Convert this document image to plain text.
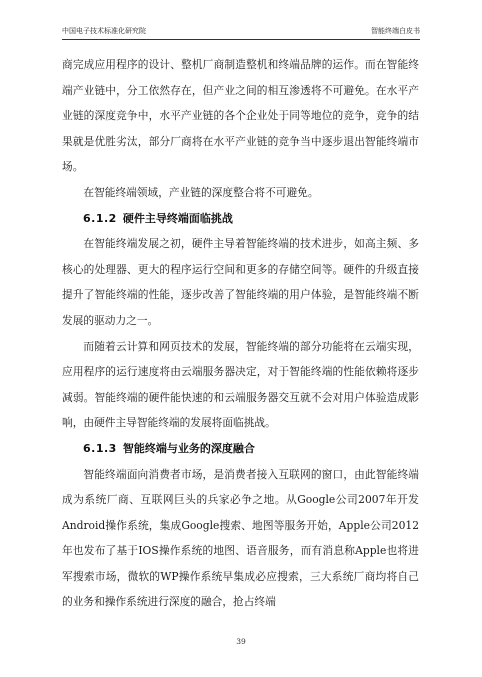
中国电子技术标准化研究院	智能终端白皮书

商完成应用程序的设计、整机厂商制造整机和终端品牌的运作。而在智能终端产业链中，分工依然存在，但产业之间的相互渗透将不可避免。在水平产业链的深度竞争中，水平产业链的各个企业处于同等地位的竞争，竞争的结果就是优胜劣汰，部分厂商将在水平产业链的竞争当中逐步退出智能终端市场。

在智能终端领域，产业链的深度整合将不可避免。

6.1.2 硬件主导终端面临挑战

在智能终端发展之初，硬件主导着智能终端的技术进步，如高主频、多核心的处理器、更大的程序运行空间和更多的存储空间等。硬件的升级直接提升了智能终端的性能，逐步改善了智能终端的用户体验，是智能终端不断发展的驱动力之一。

而随着云计算和网页技术的发展，智能终端的部分功能将在云端实现，应用程序的运行速度将由云端服务器决定，对于智能终端的性能依赖将逐步减弱。智能终端的硬件能快速的和云端服务器交互就不会对用户体验造成影响，由硬件主导智能终端的发展将面临挑战。

6.1.3 智能终端与业务的深度融合

智能终端面向消费者市场，是消费者接入互联网的窗口，由此智能终端成为系统厂商、互联网巨头的兵家必争之地。从Google公司2007年开发Android操作系统，集成Google搜索、地图等服务开始，Apple公司2012年也发布了基于IOS操作系统的地图、语音服务，而有消息称Apple也将进军搜索市场，微软的WP操作系统早集成必应搜索，三大系统厂商均将自己的业务和操作系统进行深度的融合，抢占终端

39
